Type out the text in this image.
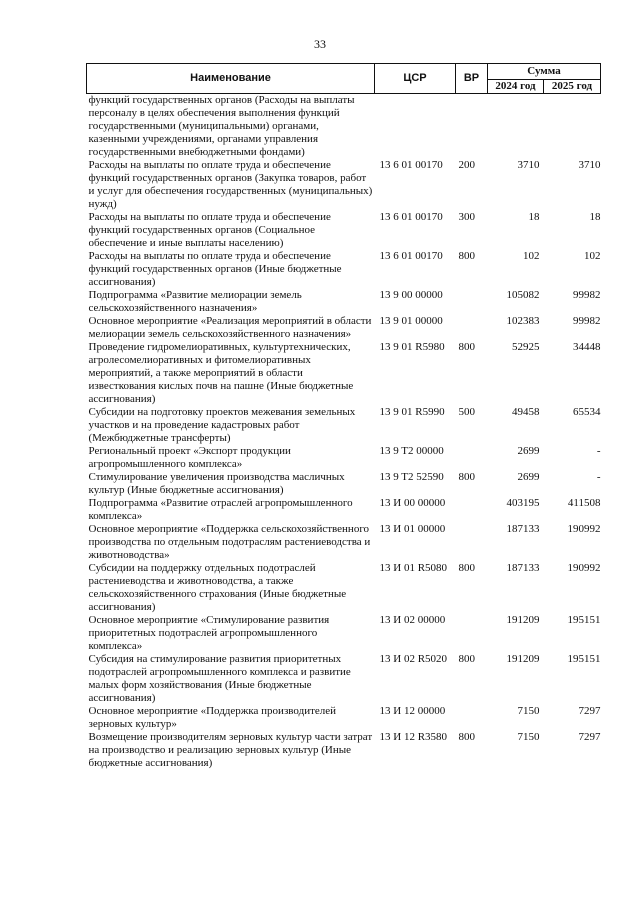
33
Наименование	ЦСР	ВР	Сумма	
			2024 год	2025 год
функций государственных органов (Расходы на выплаты персоналу в целях обеспечения выполнения функций государственными (муниципальными) органами, казенными учреждениями, органами управления государственными внебюджетными фондами)				
Расходы на выплаты по оплате труда и обеспечение функций государственных органов (Закупка товаров, работ и услуг для обеспечения государственных (муниципальных) нужд)	13 6 01 00170	200	3710	3710
Расходы на выплаты по оплате труда и обеспечение функций государственных органов (Социальное обеспечение и иные выплаты населению)	13 6 01 00170	300	18	18
Расходы на выплаты по оплате труда и обеспечение функций государственных органов (Иные бюджетные ассигнования)	13 6 01 00170	800	102	102
Подпрограмма «Развитие мелиорации земель сельскохозяйственного назначения»	13 9 00 00000		105082	99982
Основное мероприятие «Реализация мероприятий в области мелиорации земель сельскохозяйственного назначения»	13 9 01 00000		102383	99982
Проведение гидромелиоративных, культуртехнических, агролесомелиоративных и фитомелиоративных мероприятий, а также мероприятий в области известкования кислых почв на пашне (Иные бюджетные ассигнования)	13 9 01 R5980	800	52925	34448
Субсидии на подготовку проектов межевания земельных участков и на проведение кадастровых работ (Межбюджетные трансферты)	13 9 01 R5990	500	49458	65534
Региональный проект «Экспорт продукции агропромышленного комплекса»	13 9 T2 00000		2699	-
Стимулирование увеличения производства масличных культур (Иные бюджетные ассигнования)	13 9 T2 52590	800	2699	-
Подпрограмма «Развитие отраслей агропромышленного комплекса»	13 И 00 00000		403195	411508
Основное мероприятие «Поддержка сельскохозяйственного производства по отдельным подотраслям растениеводства и животноводства»	13 И 01 00000		187133	190992
Субсидии на поддержку отдельных подотраслей растениеводства и животноводства, а также сельскохозяйственного страхования (Иные бюджетные ассигнования)	13 И 01 R5080	800	187133	190992
Основное мероприятие «Стимулирование развития приоритетных подотраслей агропромышленного комплекса»	13 И 02 00000		191209	195151
Субсидия на стимулирование развития приоритетных подотраслей агропромышленного комплекса и развитие малых форм хозяйствования (Иные бюджетные ассигнования)	13 И 02 R5020	800	191209	195151
Основное мероприятие «Поддержка производителей зерновых культур»	13 И 12 00000		7150	7297
Возмещение производителям зерновых культур части затрат на производство и реализацию зерновых культур (Иные бюджетные ассигнования)	13 И 12 R3580	800	7150	7297
